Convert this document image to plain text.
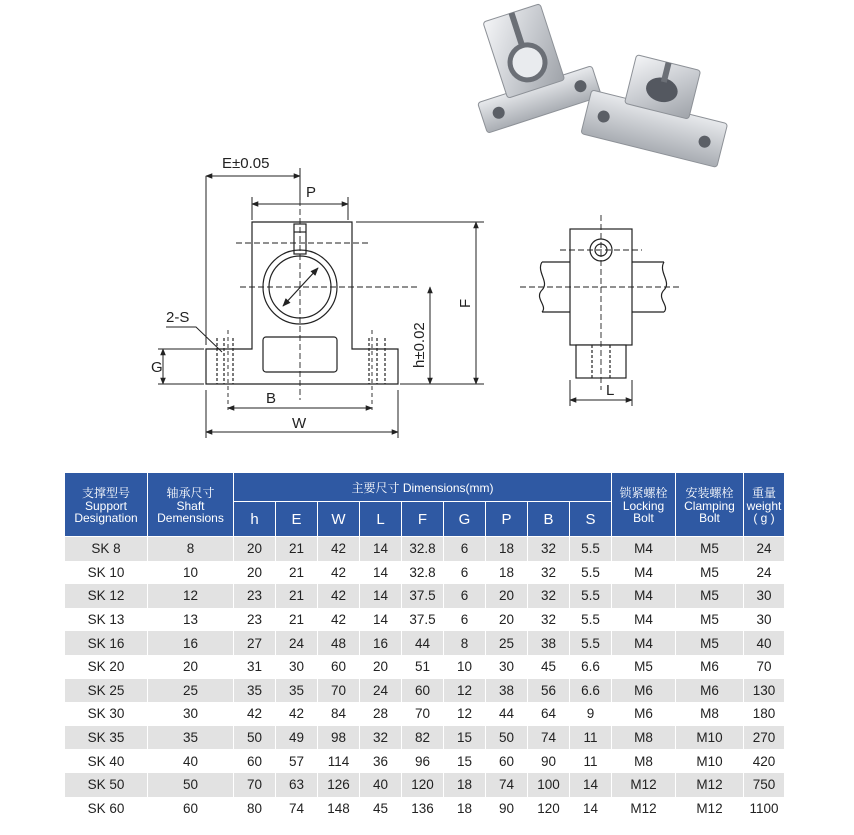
E±0.05
P
2-S
G	h±0.02
F
B
W
L
支撑型号
Support
Designation	轴承尺寸
Shaft
Demensions	主要尺寸 Dimensions(mm)									锁紧螺栓
Locking
Bolt	安装螺栓
Clamping
Bolt	重量
weight
( g )

		h	E	W	L	F	G	P	B	S			
SK 8	8	20	21	42	14	32.8	6	18	32	5.5	M4	M5	24
SK 10	10	20	21	42	14	32.8	6	18	32	5.5	M4	M5	24
SK 12	12	23	21	42	14	37.5	6	20	32	5.5	M4	M5	30
SK 13	13	23	21	42	14	37.5	6	20	32	5.5	M4	M5	30
SK 16	16	27	24	48	16	44	8	25	38	5.5	M4	M5	40
SK 20	20	31	30	60	20	51	10	30	45	6.6	M5	M6	70
SK 25	25	35	35	70	24	60	12	38	56	6.6	M6	M6	130
SK 30	30	42	42	84	28	70	12	44	64	9	M6	M8	180
SK 35	35	50	49	98	32	82	15	50	74	11	M8	M10	270
SK 40	40	60	57	114	36	96	15	60	90	11	M8	M10	420
SK 50	50	70	63	126	40	120	18	74	100	14	M12	M12	750
SK 60	60	80	74	148	45	136	18	90	120	14	M12	M12	1100
